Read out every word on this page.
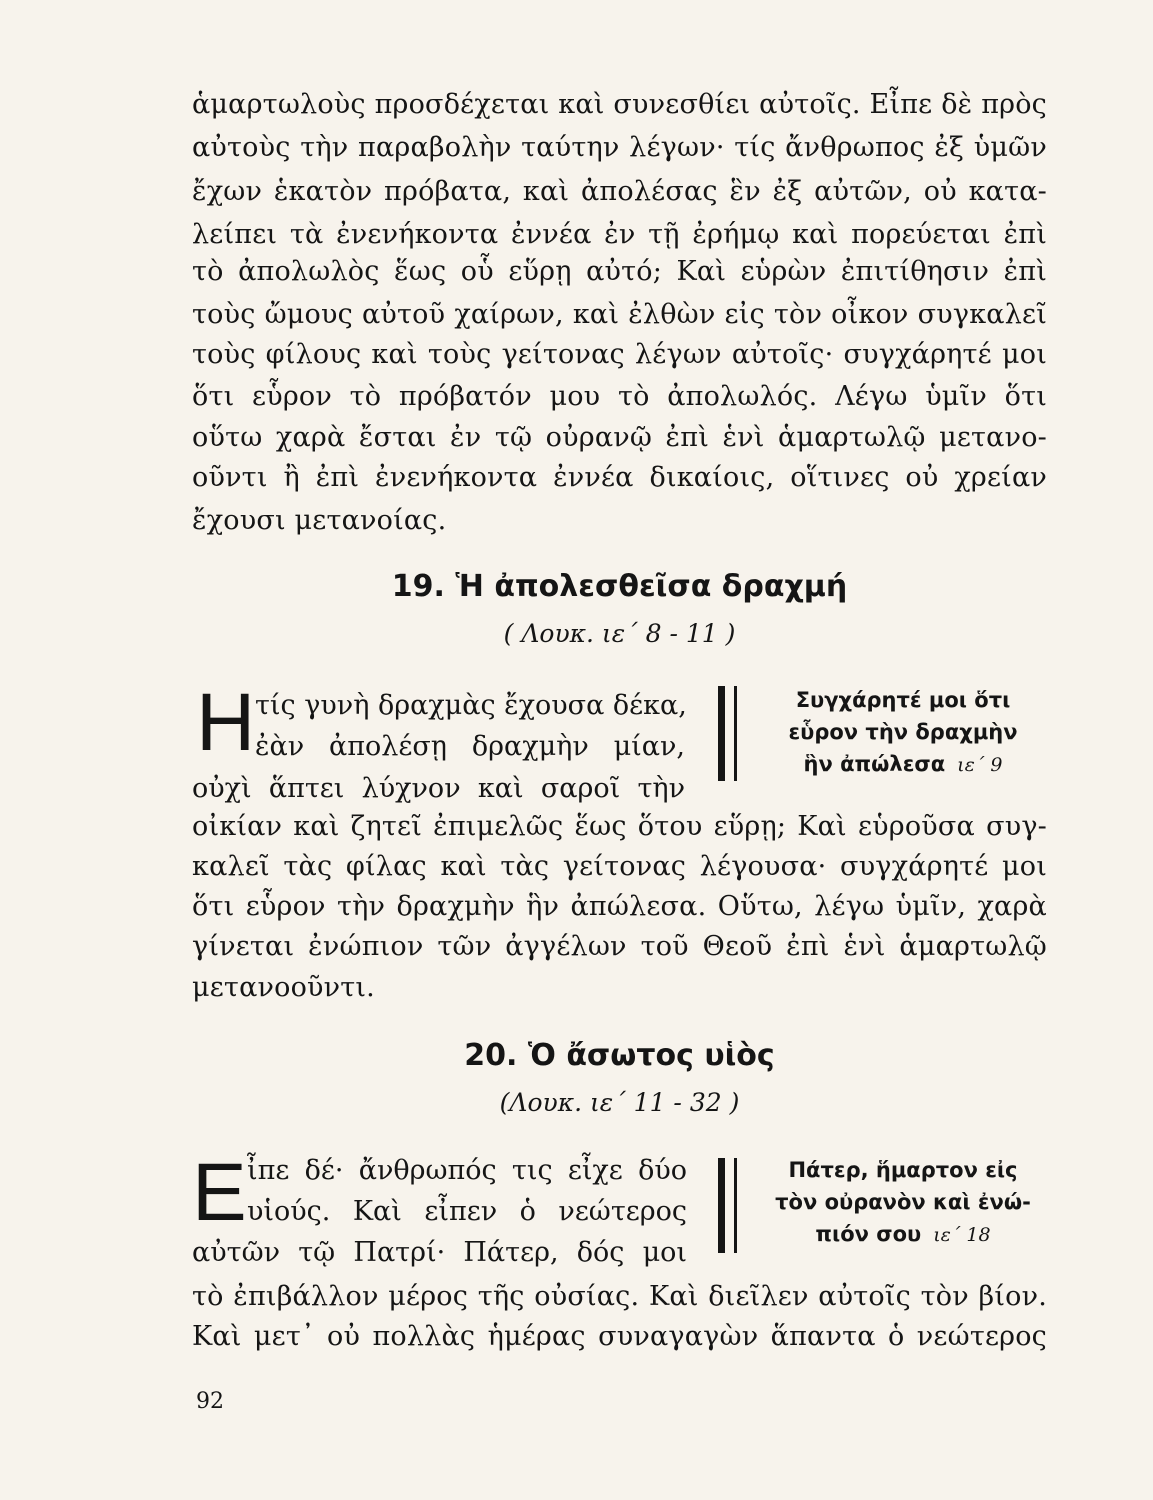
ἁμαρτωλοὺς προσδέχεται καὶ συνεσθίει αὐτοῖς. Εἶπε δὲ πρὸς
αὐτοὺς τὴν παραβολὴν ταύτην λέγων· τίς ἄνθρωπος ἐξ ὑμῶν
ἔχων ἑκατὸν πρόβατα, καὶ ἀπολέσας ἓν ἐξ αὐτῶν, οὐ κατα-
λείπει τὰ ἐνενήκοντα ἐννέα ἐν τῇ ἐρήμῳ καὶ πορεύεται ἐπὶ
τὸ ἀπολωλὸς ἕως οὗ εὕρῃ αὐτό; Καὶ εὑρὼν ἐπιτίθησιν ἐπὶ
τοὺς ὤμους αὐτοῦ χαίρων, καὶ ἐλθὼν εἰς τὸν οἶκον συγκαλεῖ
τοὺς φίλους καὶ τοὺς γείτονας λέγων αὐτοῖς· συγχάρητέ μοι
ὅτι εὗρον τὸ πρόβατόν μου τὸ ἀπολωλός. Λέγω ὑμῖν ὅτι
οὕτω χαρὰ ἔσται ἐν τῷ οὐρανῷ ἐπὶ ἑνὶ ἁμαρτωλῷ μετανο-
οῦντι ἢ ἐπὶ ἐνενήκοντα ἐννέα δικαίοις, οἵτινες οὐ χρείαν
ἔχουσι μετανοίας.
19. Ἡ ἀπολεσθεῖσα δραχμή
( Λουκ. ιε΄ 8 - 11 )
Η τίς γυνὴ δραχμὰς ἔχουσα δέκα,
ἐὰν ἀπολέσῃ δραχμὴν μίαν,
οὐχὶ ἅπτει λύχνον καὶ σαροῖ τὴν
Συγχάρητέ μοι ὅτι
εὗρον τὴν δραχμὴν
ἣν ἀπώλεσα ιε΄ 9
οἰκίαν καὶ ζητεῖ ἐπιμελῶς ἕως ὅτου εὕρῃ; Καὶ εὑροῦσα συγ-
καλεῖ τὰς φίλας καὶ τὰς γείτονας λέγουσα· συγχάρητέ μοι
ὅτι εὗρον τὴν δραχμὴν ἣν ἀπώλεσα. Οὕτω, λέγω ὑμῖν, χαρὰ
γίνεται ἐνώπιον τῶν ἀγγέλων τοῦ Θεοῦ ἐπὶ ἑνὶ ἁμαρτωλῷ
μετανοοῦντι.
20. Ὁ ἄσωτος υἱὸς
(Λουκ. ιε΄ 11 - 32 )
Ε ἶπε δέ· ἄνθρωπός τις εἶχε δύο
υἱούς. Καὶ εἶπεν ὁ νεώτερος
αὐτῶν τῷ Πατρί· Πάτερ, δός μοι
Πάτερ, ἥμαρτον εἰς
τὸν οὐρανὸν καὶ ἐνώ-
πιόν σου ιε΄ 18
τὸ ἐπιβάλλον μέρος τῆς οὐσίας. Καὶ διεῖλεν αὐτοῖς τὸν βίον.
Καὶ μετ᾽ οὐ πολλὰς ἡμέρας συναγαγὼν ἅπαντα ὁ νεώτερος
92
